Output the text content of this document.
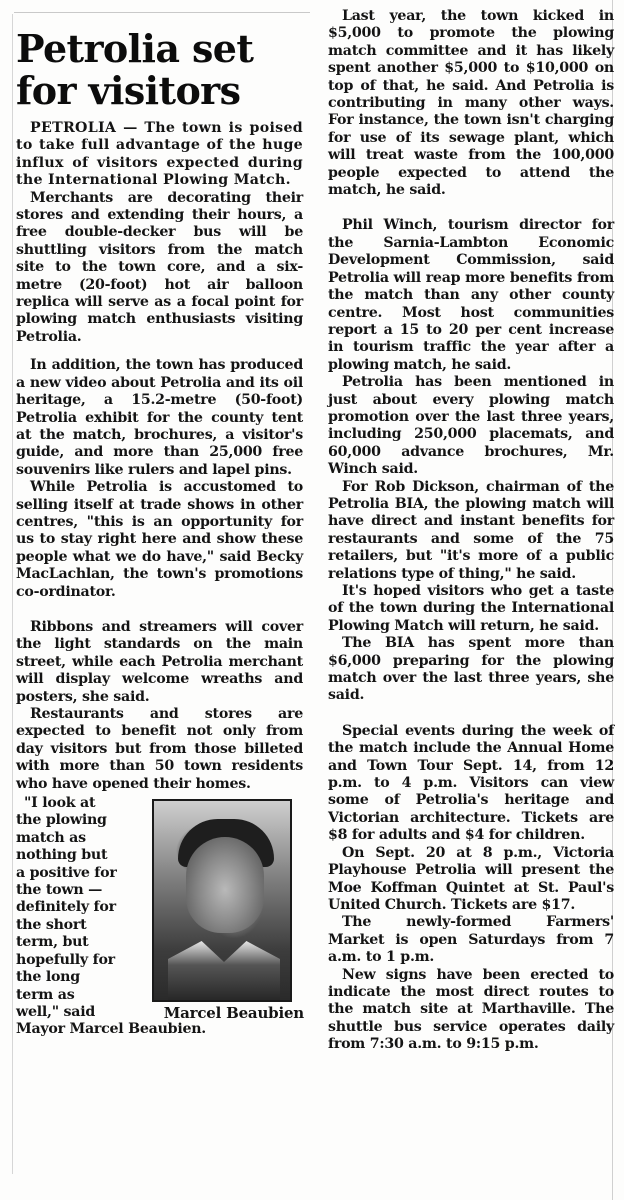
Petrolia set
for visitors

PETROLIA — The town is poised to take full advantage of the huge influx of visitors expected during the International Plowing Match.

Merchants are decorating their stores and extending their hours, a free double-decker bus will be shuttling visitors from the match site to the town core, and a six-metre (20-foot) hot air balloon replica will serve as a focal point for plowing match enthusiasts visiting Petrolia.

In addition, the town has produced a new video about Petrolia and its oil heritage, a 15.2-metre (50-foot) Petrolia exhibit for the county tent at the match, brochures, a visitor's guide, and more than 25,000 free souvenirs like rulers and lapel pins.

While Petrolia is accustomed to selling itself at trade shows in other centres, "this is an opportunity for us to stay right here and show these people what we do have," said Becky MacLachlan, the town's promotions co-ordinator.

Ribbons and streamers will cover the light standards on the main street, while each Petrolia merchant will display welcome wreaths and posters, she said.

Restaurants and stores are expected to benefit not only from day visitors but from those billeted with more than 50 town residents who have opened their homes.

"I look at
the plowing
match as
nothing but
a positive for
the town —
definitely for
the short
term, but
hopefully for
the long
term as
well," said	Marcel Beaubien
Mayor Marcel Beaubien.

Last year, the town kicked in $5,000 to promote the plowing match committee and it has likely spent another $5,000 to $10,000 on top of that, he said. And Petrolia is contributing in many other ways. For instance, the town isn't charging for use of its sewage plant, which will treat waste from the 100,000 people expected to attend the match, he said.

Phil Winch, tourism director for the Sarnia-Lambton Economic Development Commission, said Petrolia will reap more benefits from the match than any other county centre. Most host communities report a 15 to 20 per cent increase in tourism traffic the year after a plowing match, he said.

Petrolia has been mentioned in just about every plowing match promotion over the last three years, including 250,000 placemats, and 60,000 advance brochures, Mr. Winch said.

For Rob Dickson, chairman of the Petrolia BIA, the plowing match will have direct and instant benefits for restaurants and some of the 75 retailers, but "it's more of a public relations type of thing," he said.

It's hoped visitors who get a taste of the town during the International Plowing Match will return, he said.

The BIA has spent more than $6,000 preparing for the plowing match over the last three years, she said.

Special events during the week of the match include the Annual Home and Town Tour Sept. 14, from 12 p.m. to 4 p.m. Visitors can view some of Petrolia's heritage and Victorian architecture. Tickets are $8 for adults and $4 for children.

On Sept. 20 at 8 p.m., Victoria Playhouse Petrolia will present the Moe Koffman Quintet at St. Paul's United Church. Tickets are $17.

The newly-formed Farmers' Market is open Saturdays from 7 a.m. to 1 p.m.

New signs have been erected to indicate the most direct routes to the match site at Marthaville. The shuttle bus service operates daily from 7:30 a.m. to 9:15 p.m.
